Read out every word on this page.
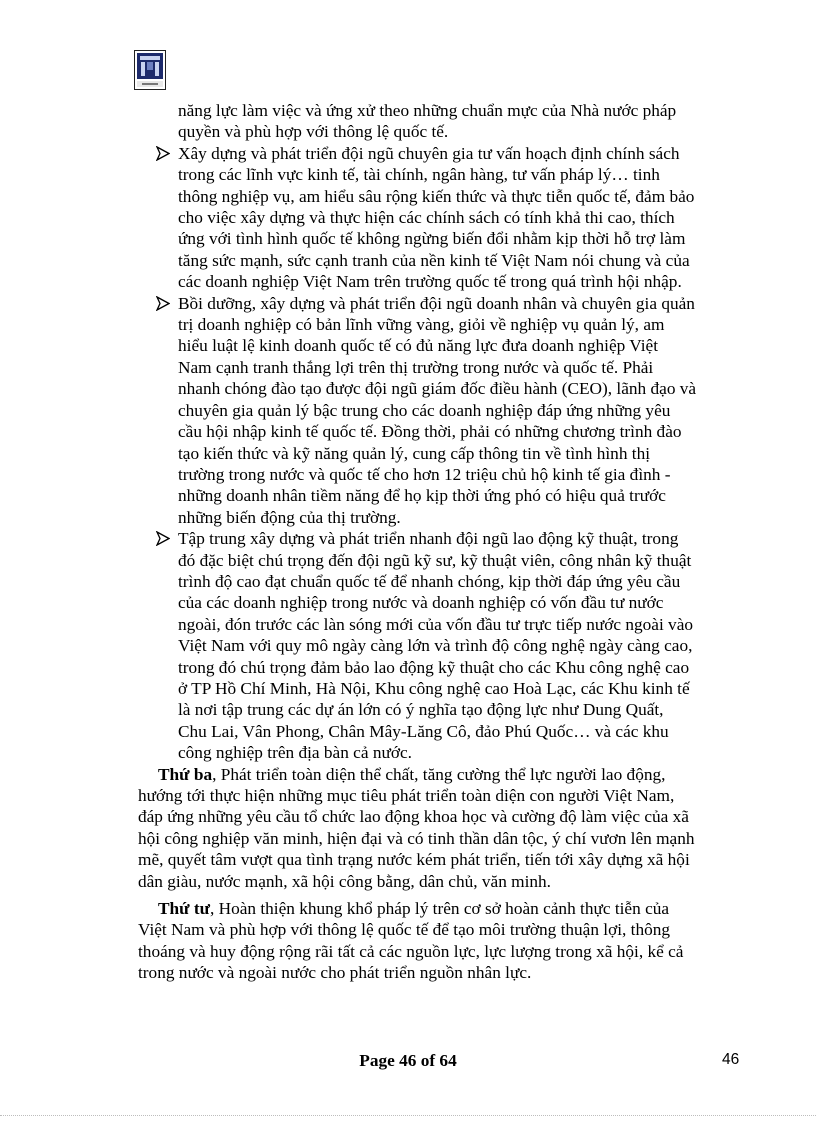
năng lực làm việc và ứng xử theo những chuẩn mực của Nhà nước pháp
quyền và phù hợp với thông lệ quốc tế.
Xây dựng và phát triển đội ngũ chuyên gia tư vấn hoạch định chính sách
trong các lĩnh vực kinh tế, tài chính, ngân hàng, tư vấn pháp lý… tinh
thông nghiệp vụ, am hiểu sâu rộng kiến thức và thực tiễn quốc tế, đảm bảo
cho việc xây dựng và thực hiện các chính sách có tính khả thi cao, thích
ứng với tình hình quốc tế không ngừng biến đổi nhằm kịp thời hỗ trợ làm
tăng sức mạnh, sức cạnh tranh của nền kinh tế Việt Nam nói chung và của
các doanh nghiệp Việt Nam trên trường quốc tế trong quá trình hội nhập.
Bồi dưỡng, xây dựng và phát triển đội ngũ doanh nhân và chuyên gia quản
trị doanh nghiệp có bản lĩnh vững vàng, giỏi về nghiệp vụ quản lý, am
hiểu luật lệ kinh doanh quốc tế có đủ năng lực đưa doanh nghiệp Việt
Nam cạnh tranh thắng lợi trên thị trường trong nước và quốc tế. Phải
nhanh chóng đào tạo được đội ngũ giám đốc điều hành (CEO), lãnh đạo và
chuyên gia quản lý bậc trung cho các doanh nghiệp đáp ứng những yêu
cầu hội nhập kinh tế quốc tế. Đồng thời, phải có những chương trình đào
tạo kiến thức và kỹ năng quản lý, cung cấp thông tin về tình hình thị
trường trong nước và quốc tế cho hơn 12 triệu chủ hộ kinh tế gia đình -
những doanh nhân tiềm năng để họ kịp thời ứng phó có hiệu quả trước
những biến động của thị trường.
Tập trung xây dựng và phát triển nhanh đội ngũ lao động kỹ thuật, trong
đó đặc biệt chú trọng đến đội ngũ kỹ sư, kỹ thuật viên, công nhân kỹ thuật
trình độ cao đạt chuẩn quốc tế để nhanh chóng, kịp thời đáp ứng yêu cầu
của các doanh nghiệp trong nước và doanh nghiệp có vốn đầu tư nước
ngoài, đón trước các làn sóng mới của vốn đầu tư trực tiếp nước ngoài vào
Việt Nam với quy mô ngày càng lớn và trình độ công nghệ ngày càng cao,
trong đó chú trọng đảm bảo lao động kỹ thuật cho các Khu công nghệ cao
ở TP Hồ Chí Minh, Hà Nội, Khu công nghệ cao Hoà Lạc, các Khu kinh tế
là nơi tập trung các dự án lớn có ý nghĩa tạo động lực như Dung Quất,
Chu Lai, Vân Phong, Chân Mây-Lăng Cô, đảo Phú Quốc… và các khu
công nghiệp trên địa bàn cả nước.
Thứ ba, Phát triển toàn diện thể chất, tăng cường thể lực người lao động,
hướng tới thực hiện những mục tiêu phát triển toàn diện con người Việt Nam,
đáp ứng những yêu cầu tổ chức lao động khoa học và cường độ làm việc của xã
hội công nghiệp văn minh, hiện đại và có tinh thần dân tộc, ý chí vươn lên mạnh
mẽ, quyết tâm vượt qua tình trạng nước kém phát triển, tiến tới xây dựng xã hội
dân giàu, nước mạnh, xã hội công bằng, dân chủ, văn minh.
Thứ tư, Hoàn thiện khung khổ pháp lý trên cơ sở hoàn cảnh thực tiễn của
Việt Nam và phù hợp với thông lệ quốc tế để tạo môi trường thuận lợi, thông
thoáng và huy động rộng rãi tất cả các nguồn lực, lực lượng trong xã hội, kể cả
trong nước và ngoài nước cho phát triển nguồn nhân lực.
Page 46 of 64	46
